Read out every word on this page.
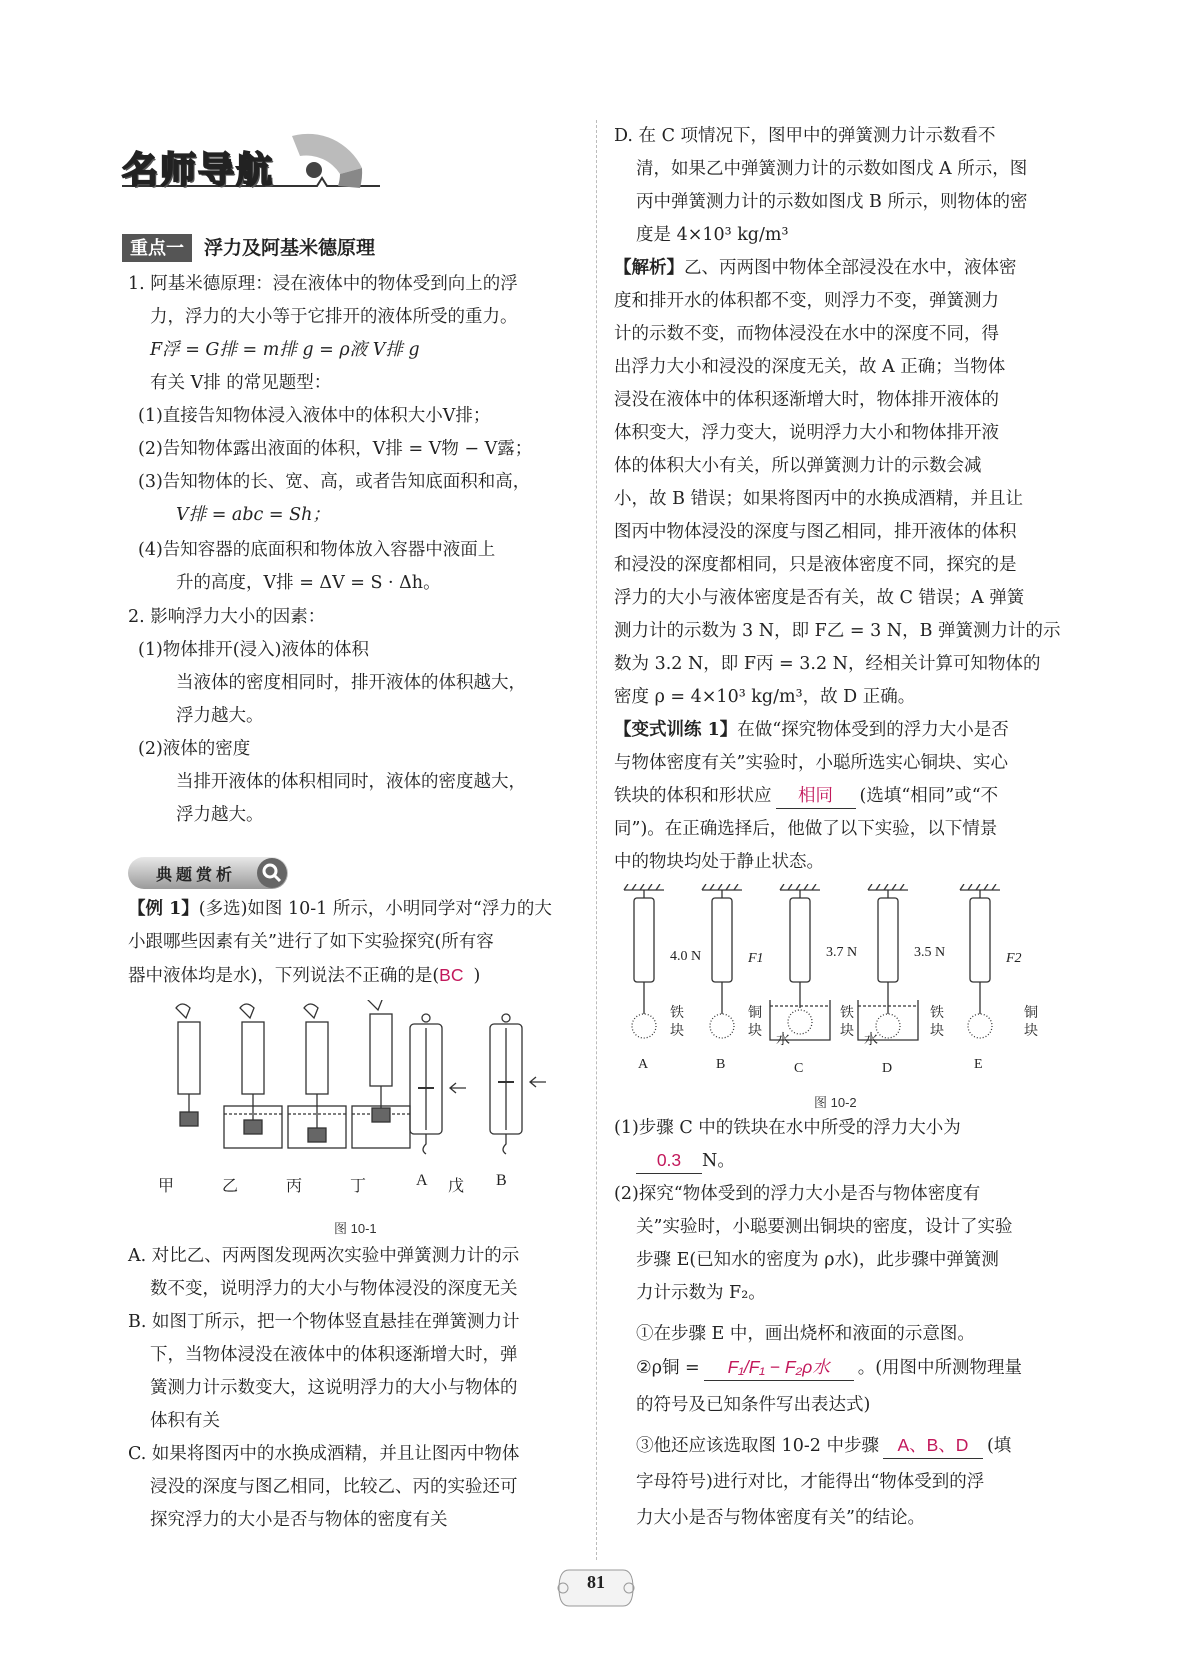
名师导航
重点一 浮力及阿基米德原理
1. 阿基米德原理：浸在液体中的物体受到向上的浮
力，浮力的大小等于它排开的液体所受的重力。
F浮 = G排 = m排 g = ρ液 V排 g
有关 V排 的常见题型：
(1)直接告知物体浸入液体中的体积大小V排；
(2)告知物体露出液面的体积，V排 = V物 − V露；
(3)告知物体的长、宽、高，或者告知底面积和高，
V排 = abc = Sh；
(4)告知容器的底面积和物体放入容器中液面上
升的高度，V排 = ΔV = S · Δh。
2. 影响浮力大小的因素：
(1)物体排开(浸入)液体的体积
当液体的密度相同时，排开液体的体积越大，
浮力越大。
(2)液体的密度
当排开液体的体积相同时，液体的密度越大，
浮力越大。
典题赏析
【例 1】(多选)如图 10-1 所示，小明同学对“浮力的大
小跟哪些因素有关”进行了如下实验探究(所有容
器中液体均是水)，下列说法不正确的是(BC )
甲	乙	丙	丁	A 戊 B
图 10-1
A. 对比乙、丙两图发现两次实验中弹簧测力计的示
数不变，说明浮力的大小与物体浸没的深度无关
B. 如图丁所示，把一个物体竖直悬挂在弹簧测力计
下，当物体浸没在液体中的体积逐渐增大时，弹
簧测力计示数变大，这说明浮力的大小与物体的
体积有关
C. 如果将图丙中的水换成酒精，并且让图丙中物体
浸没的深度与图乙相同，比较乙、丙的实验还可
探究浮力的大小是否与物体的密度有关
D. 在 C 项情况下，图甲中的弹簧测力计示数看不
清，如果乙中弹簧测力计的示数如图戊 A 所示，图
丙中弹簧测力计的示数如图戊 B 所示，则物体的密
度是 4×10³ kg/m³
【解析】乙、丙两图中物体全部浸没在水中，液体密
度和排开水的体积都不变，则浮力不变，弹簧测力
计的示数不变，而物体浸没在水中的深度不同，得
出浮力大小和浸没的深度无关，故 A 正确；当物体
浸没在液体中的体积逐渐增大时，物体排开液体的
体积变大，浮力变大，说明浮力大小和物体排开液
体的体积大小有关，所以弹簧测力计的示数会减
小，故 B 错误；如果将图丙中的水换成酒精，并且让
图丙中物体浸没的深度与图乙相同，排开液体的体积
和浸没的深度都相同，只是液体密度不同，探究的是
浮力的大小与液体密度是否有关，故 C 错误；A 弹簧
测力计的示数为 3 N，即 F乙 = 3 N，B 弹簧测力计的示
数为 3.2 N，即 F丙 = 3.2 N，经相关计算可知物体的
密度 ρ = 4×10³ kg/m³，故 D 正确。
【变式训练 1】在做“探究物体受到的浮力大小是否
与物体密度有关”实验时，小聪所选实心铜块、实心
铁块的体积和形状应 相同 (选填“相同”或“不
同”)。在正确选择后，他做了以下实验，以下情景
中的物块均处于静止状态。
4.0 N	F1	3.7 N	3.5 N	F2
铁块
铜块
铁块
铁块
铜块
水	水
A	B	C	D	E
图 10-2
(1)步骤 C 中的铁块在水中所受的浮力大小为
0.3 N。
(2)探究“物体受到的浮力大小是否与物体密度有
关”实验时，小聪要测出铜块的密度，设计了实验
步骤 E(已知水的密度为 ρ水)，此步骤中弹簧测
力计示数为 F₂。
①在步骤 E 中，画出烧杯和液面的示意图。
②ρ铜 = F₁/F₁ − F₂ρ水 。(用图中所测物理量
的符号及已知条件写出表达式)
③他还应该选取图 10-2 中步骤 A、B、D (填
字母符号)进行对比，才能得出“物体受到的浮
力大小是否与物体密度有关”的结论。
81
